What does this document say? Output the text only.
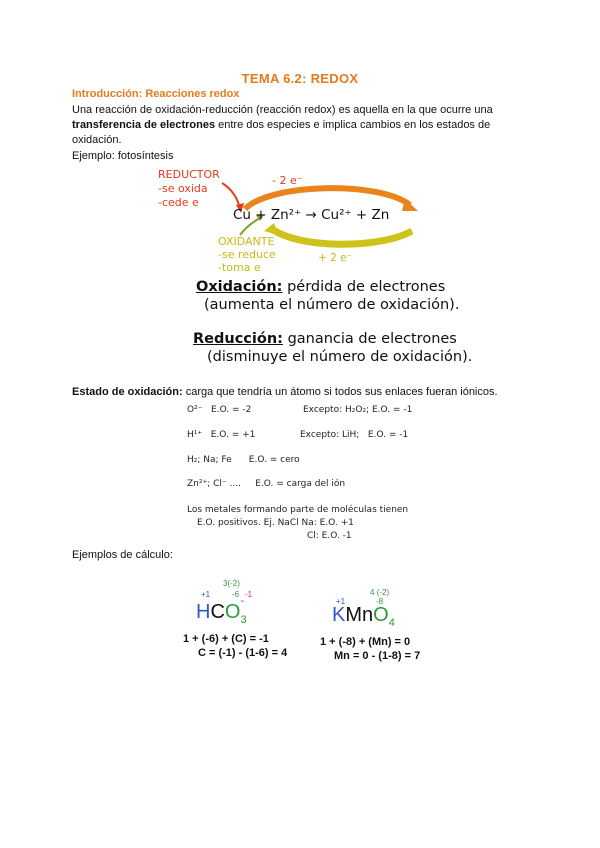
TEMA 6.2: REDOX
Introducción: Reacciones redox
Una reacción de oxidación-reducción (reacción redox) es aquella en la que ocurre una transferencia de electrones entre dos especies e implica cambios en los estados de oxidación.
Ejemplo: fotosíntesis
REDUCTOR
-se oxida
-cede e
- 2 e⁻
Cu + Zn²⁺ → Cu²⁺ + Zn
OXIDANTE
-se reduce
-toma e
+ 2 e⁻
Oxidación: pérdida de electrones
(aumenta el número de oxidación).
Reducción: ganancia de electrones
(disminuye el número de oxidación).
Estado de oxidación: carga que tendría un átomo si todos sus enlaces fueran iónicos.
O²⁻   E.O. = -2	Excepto: H₂O₂; E.O. = -1
H¹⁺   E.O. = +1	Excepto: LiH;   E.O. = -1
H₂; Na; Fe      E.O. = cero
Zn²⁺; Cl⁻ ....     E.O. = carga del ión
Los metales formando parte de moléculas tienen
E.O. positivos. Ej. NaCl Na: E.O. +1
Cl: E.O. -1
Ejemplos de cálculo:
3(-2)
+1	-6 -1
HCO -
3
1 + (-6) + (C) = -1
C = (-1) - (1-6) = 4
4 (-2)
+1	-8
KMnO$_4$
1 + (-8) + (Mn) = 0
Mn = 0 - (1-8) = 7
